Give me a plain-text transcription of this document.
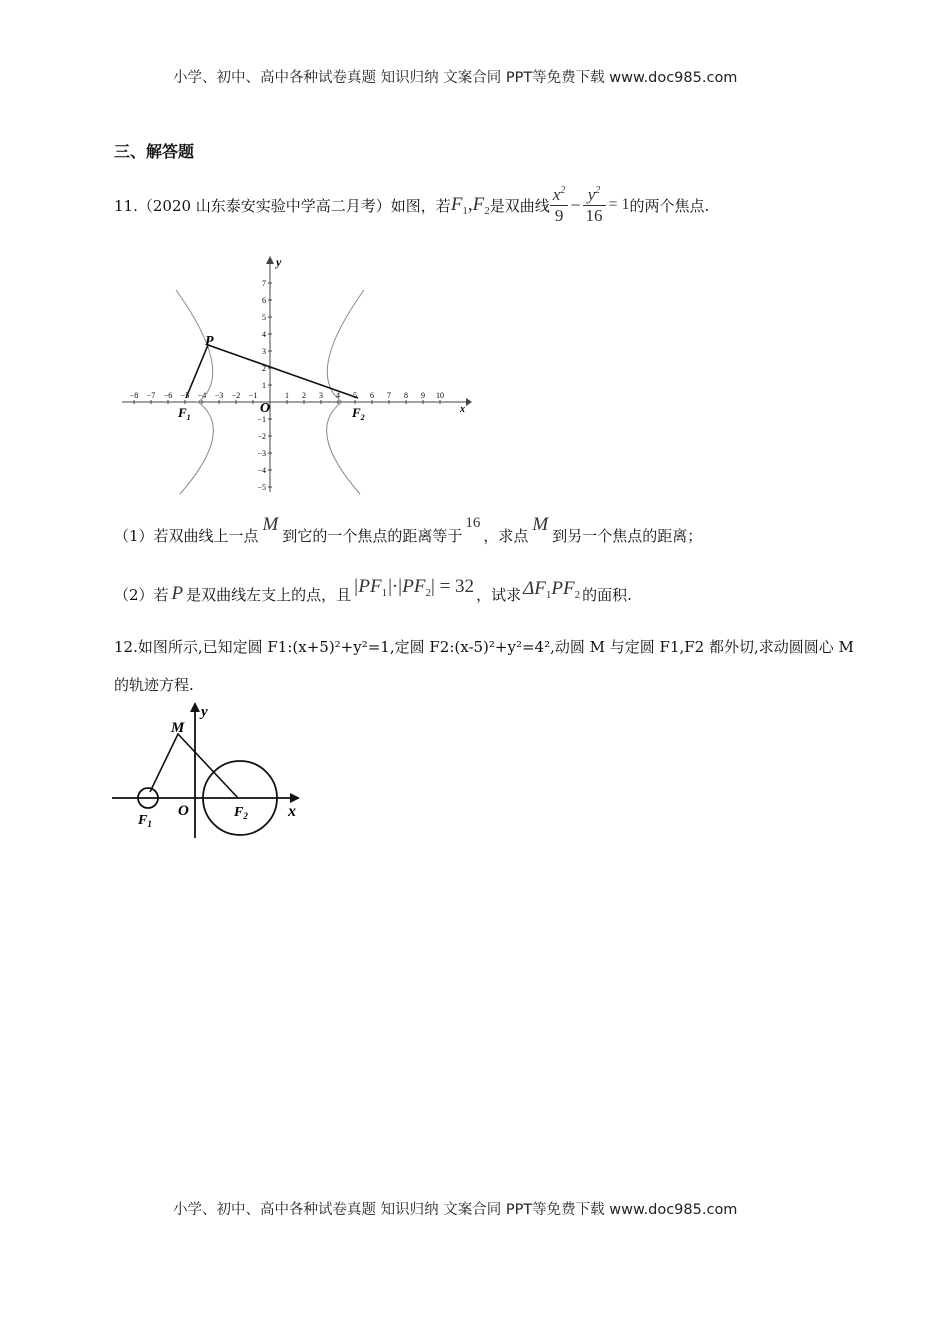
小学、初中、高中各种试卷真题 知识归纳 文案合同 PPT等免费下载 www.doc985.com
三、解答题
11.（2020 山东泰安实验中学高二月考）如图，若 $F_1,F_2$ 是双曲线 $\frac{x^2}{9} - \frac{y^2}{16} = 1$ 的两个焦点.
−8 −7 −6 −5 −4 −3 −2 −1	1 2 3 4 5 6 7 8 9 10
7
6
5
4
3
2
1
−1
−2
−3
−4
−5
P
$F_1$	$F_2$
O	x
y
（1）若双曲线上一点
M
到它的一个焦点的距离等于
16
，求点
M
到另一个焦点的距离；
（2）若 P 是双曲线左支上的点，且 $|PF_1|\cdot|PF_2| = 32$ ，试求 $\Delta F_1PF_2$ 的面积.
12.如图所示,已知定圆 F1:(x+5)²+y²=1,定圆 F2:(x-5)²+y²=4²,动圆 M 与定圆 F1,F2 都外切,求动圆圆心 M
的轨迹方程.
M
$F_1$
$F_2$
O	x
y
小学、初中、高中各种试卷真题 知识归纳 文案合同 PPT等免费下载 www.doc985.com
